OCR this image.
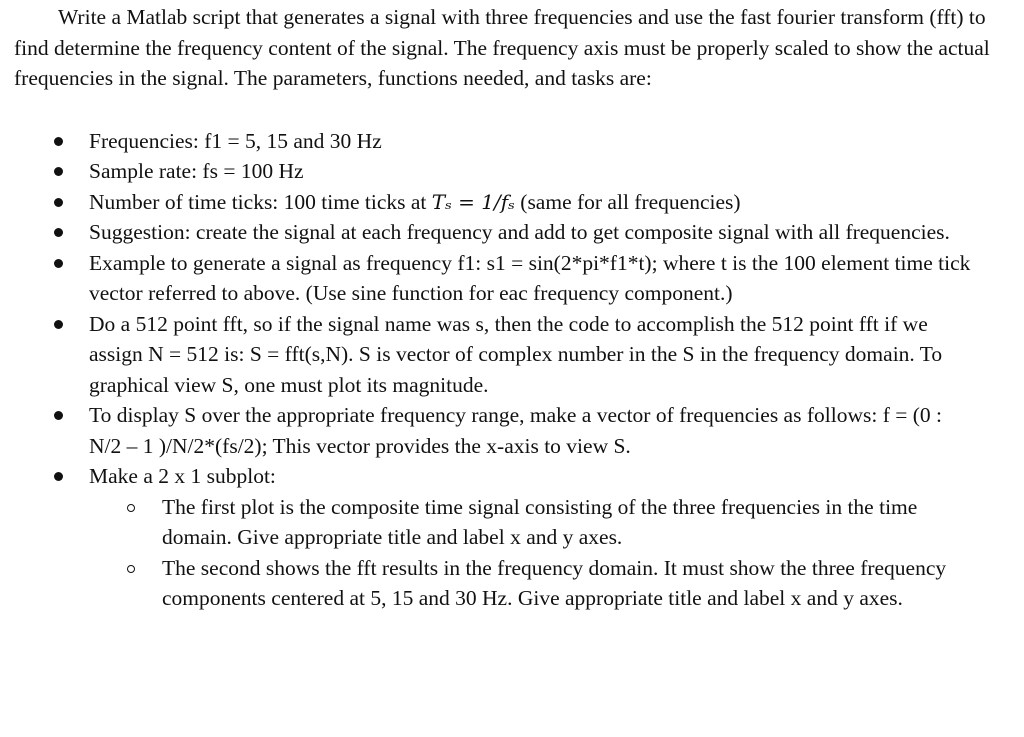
Write a Matlab script that generates a signal with three frequencies and use the fast fourier transform (fft) to find determine the frequency content of the signal. The frequency axis must be properly scaled to show the actual frequencies in the signal. The parameters, functions needed, and tasks are:

Frequencies: f1 = 5, 15 and 30 Hz
Sample rate: fs = 100 Hz
Number of time ticks: 100 time ticks at Tₛ = 1/fₛ (same for all frequencies)
Suggestion: create the signal at each frequency and add to get composite signal with all frequencies.
Example to generate a signal as frequency f1: s1 = sin(2*pi*f1*t); where t is the 100 element time tick vector referred to above. (Use sine function for eac frequency component.)
Do a 512 point fft, so if the signal name was s, then the code to accomplish the 512 point fft if we assign N = 512 is: S = fft(s,N). S is vector of complex number in the S in the frequency domain. To graphical view S, one must plot its magnitude.
To display S over the appropriate frequency range, make a vector of frequencies as follows: f = (0 : N/2 – 1 )/N/2*(fs/2); This vector provides the x-axis to view S.
Make a 2 x 1 subplot:
The first plot is the composite time signal consisting of the three frequencies in the time domain. Give appropriate title and label x and y axes.
The second shows the fft results in the frequency domain. It must show the three frequency components centered at 5, 15 and 30 Hz. Give appropriate title and label x and y axes.
